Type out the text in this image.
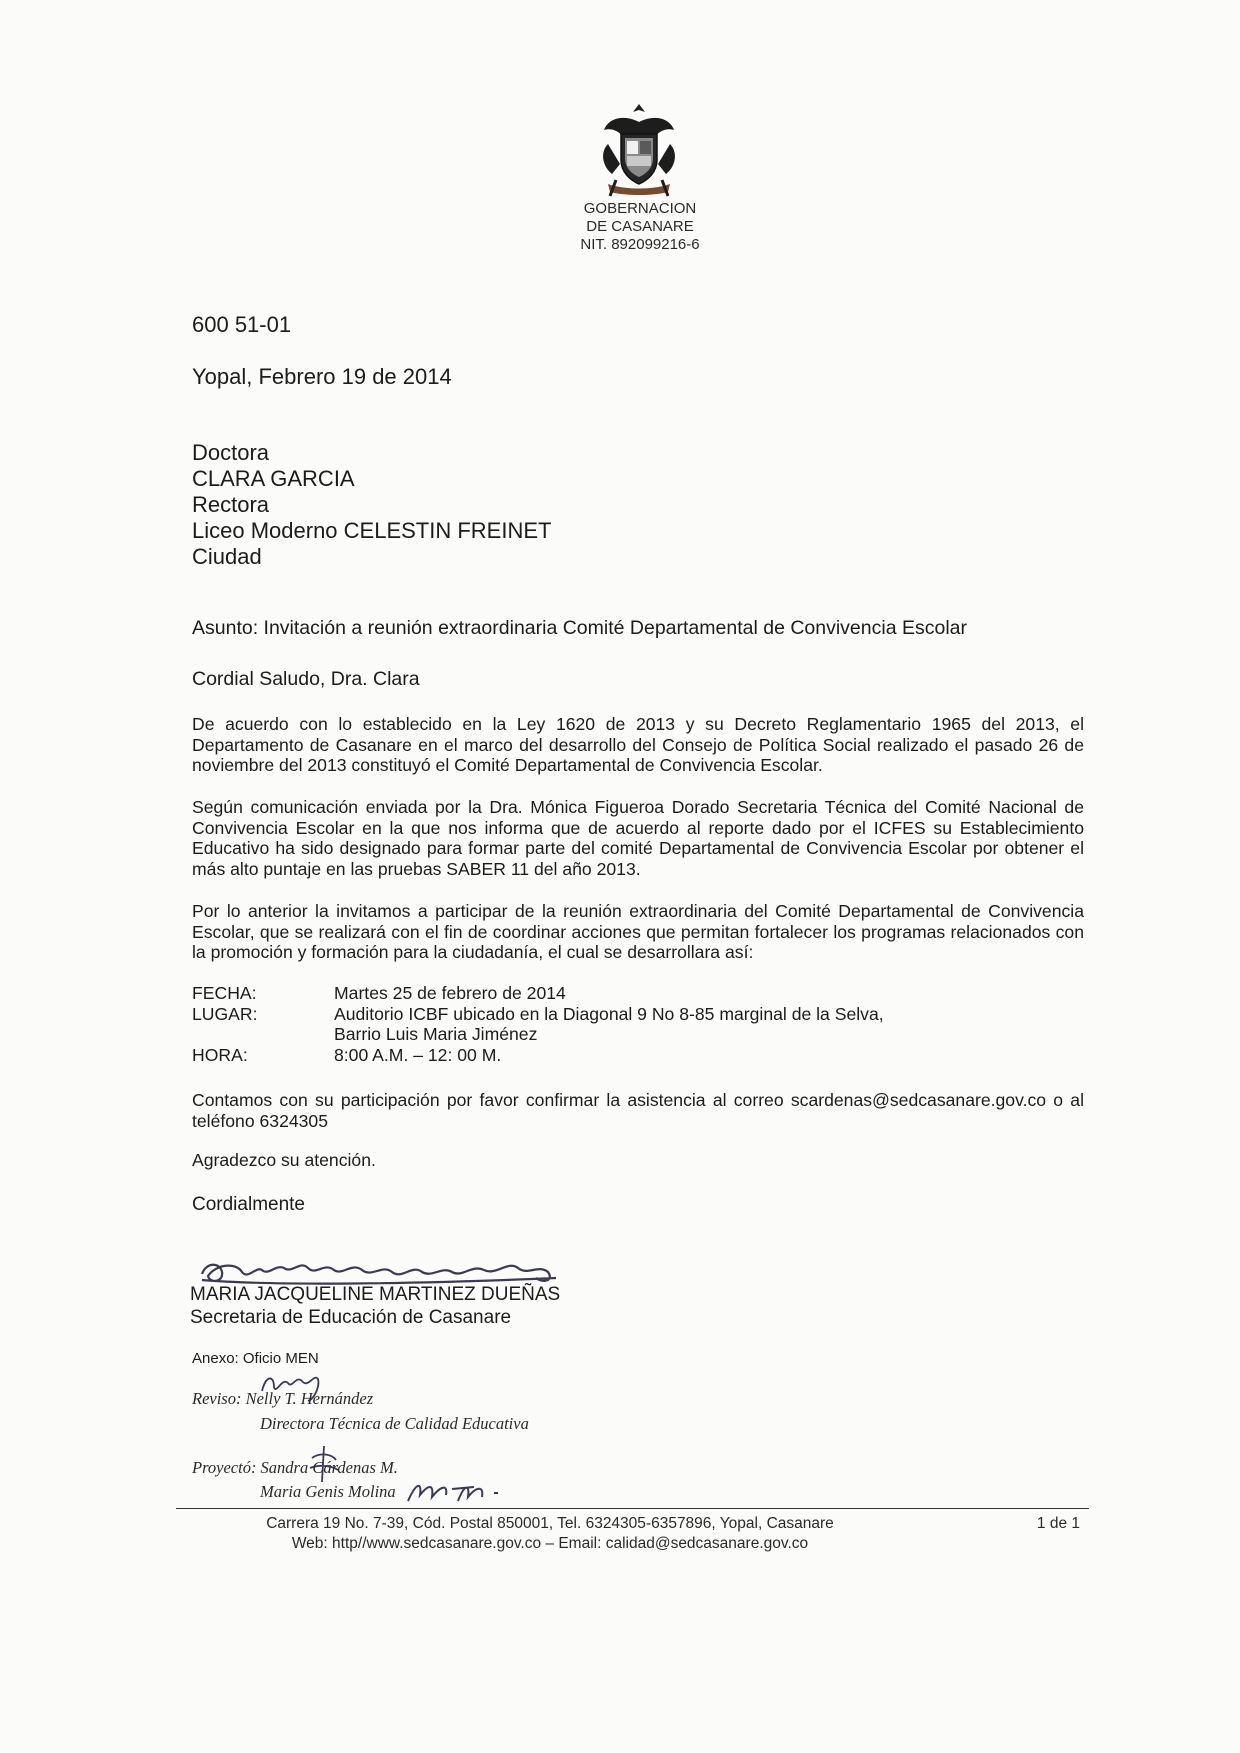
GOBERNACION
DE CASANARE
NIT. 892099216-6
600 51-01
Yopal, Febrero 19 de 2014
Doctora
CLARA GARCIA
Rectora
Liceo Moderno CELESTIN FREINET
Ciudad
Asunto: Invitación a reunión extraordinaria Comité Departamental de Convivencia Escolar
Cordial Saludo, Dra. Clara
De acuerdo con lo establecido en la Ley 1620 de 2013 y su Decreto Reglamentario 1965 del 2013, el Departamento de Casanare en el marco del desarrollo del Consejo de Política Social realizado el pasado 26 de noviembre del 2013 constituyó el Comité Departamental de Convivencia Escolar.
Según comunicación enviada por la Dra. Mónica Figueroa Dorado Secretaria Técnica del Comité Nacional de Convivencia Escolar en la que nos informa que de acuerdo al reporte dado por el ICFES su Establecimiento Educativo ha sido designado para formar parte del comité Departamental de Convivencia Escolar por obtener el más alto puntaje en las pruebas SABER 11 del año 2013.
Por lo anterior la invitamos a participar de la reunión extraordinaria del Comité Departamental de Convivencia Escolar, que se realizará con el fin de coordinar acciones que permitan fortalecer los programas relacionados con la promoción y formación para la ciudadanía, el cual se desarrollara así:
FECHA:	Martes 25 de febrero de 2014
LUGAR:	Auditorio ICBF ubicado en la Diagonal 9 No 8-85 marginal de la Selva,
Barrio Luis Maria Jiménez
HORA:	8:00 A.M. – 12: 00 M.
Contamos con su participación por favor confirmar la asistencia al correo scardenas@sedcasanare.gov.co o al teléfono 6324305
Agradezco su atención.
Cordialmente
MARIA JACQUELINE MARTINEZ DUEÑAS
Secretaria de Educación de Casanare
Anexo: Oficio MEN
Reviso: Nelly T. Hernández
Directora Técnica de Calidad Educativa
Proyectó: Sandra Cárdenas M.
Maria Genis Molina
Carrera 19 No. 7-39, Cód. Postal 850001, Tel. 6324305-6357896, Yopal, Casanare
Web: http//www.sedcasanare.gov.co – Email: calidad@sedcasanare.gov.co
1 de 1
